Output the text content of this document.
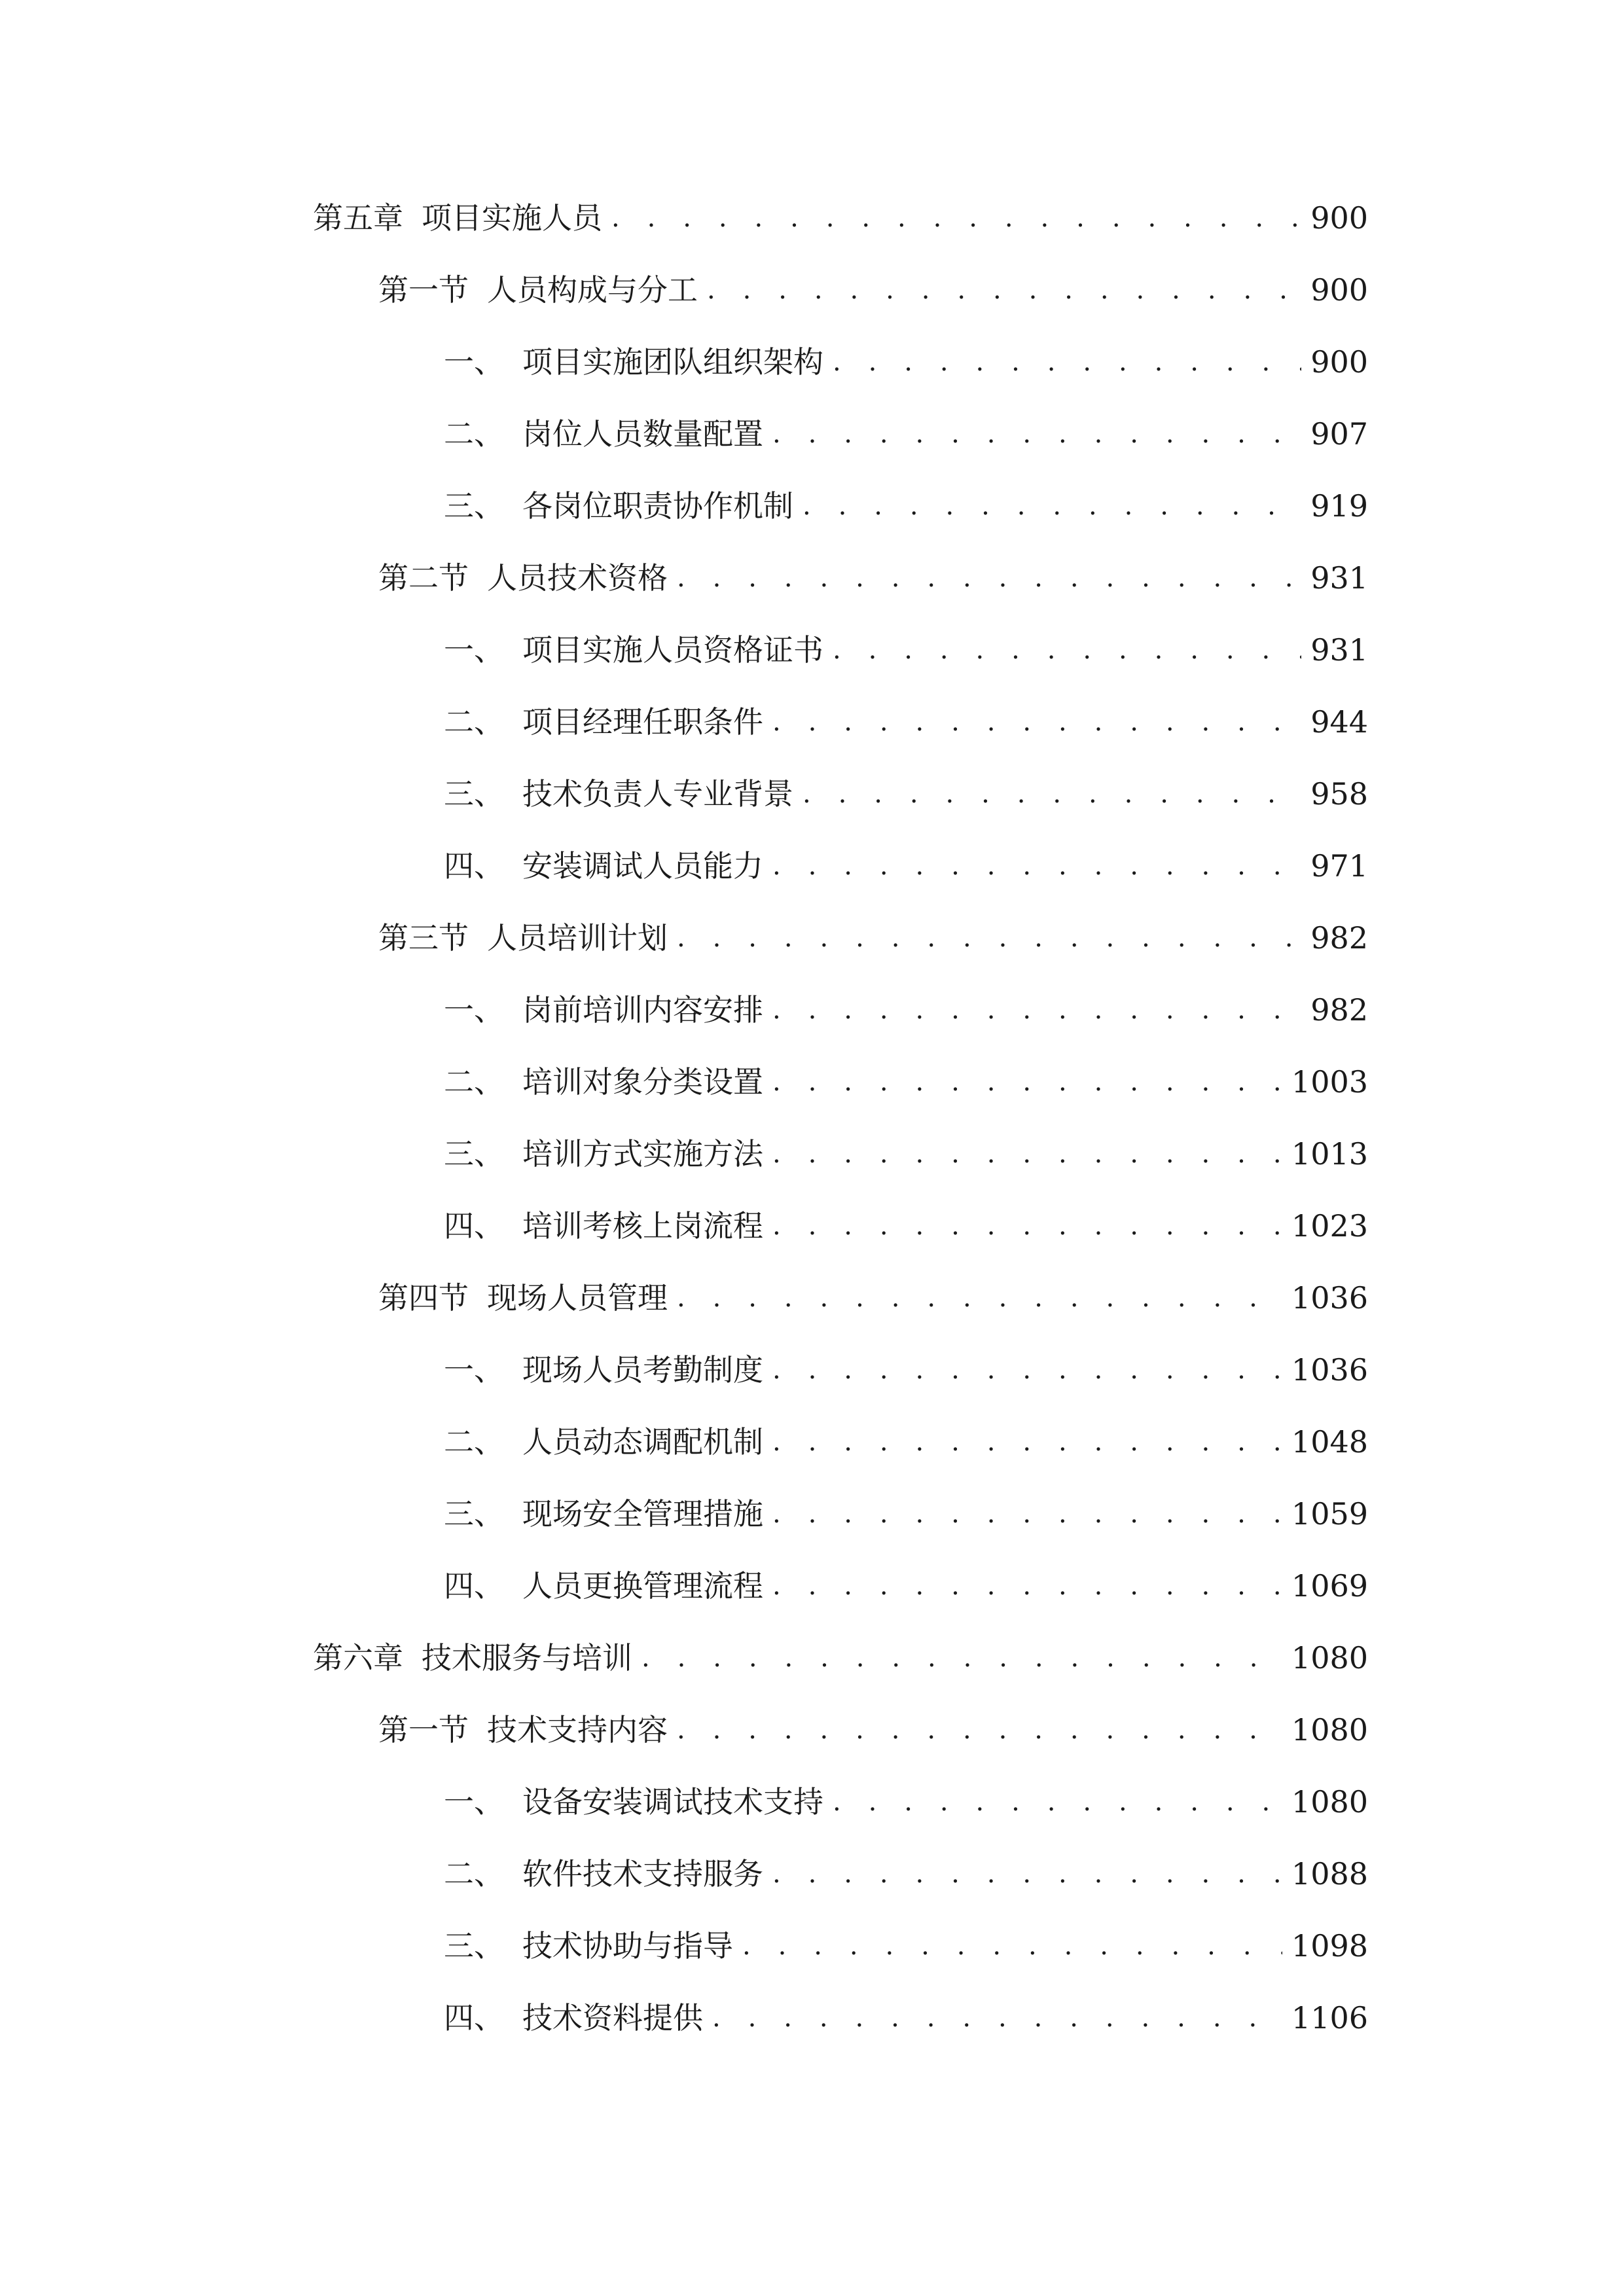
第五章 项目实施人员 . . .	900
第一节 人员构成与分工 . . .	900
一、 项目实施团队组织架构 . . .	900
二、 岗位人员数量配置 . . .	907
三、 各岗位职责协作机制 . . .	919
第二节 人员技术资格 . . .	931
一、 项目实施人员资格证书 . . .	931
二、 项目经理任职条件 . . .	944
三、 技术负责人专业背景 . . .	958
四、 安装调试人员能力 . . .	971
第三节 人员培训计划 . . .	982
一、 岗前培训内容安排 . . .	982
二、 培训对象分类设置 . . .	1003
三、 培训方式实施方法 . . .	1013
四、 培训考核上岗流程 . . .	1023
第四节 现场人员管理 . . .	1036
一、 现场人员考勤制度 . . .	1036
二、 人员动态调配机制 . . .	1048
三、 现场安全管理措施 . . .	1059
四、 人员更换管理流程 . . .	1069
第六章 技术服务与培训 . . .	1080
第一节 技术支持内容 . . .	1080
一、 设备安装调试技术支持 . . .	1080
二、 软件技术支持服务 . . .	1088
三、 技术协助与指导 . . .	1098
四、 技术资料提供 . . .	1106
